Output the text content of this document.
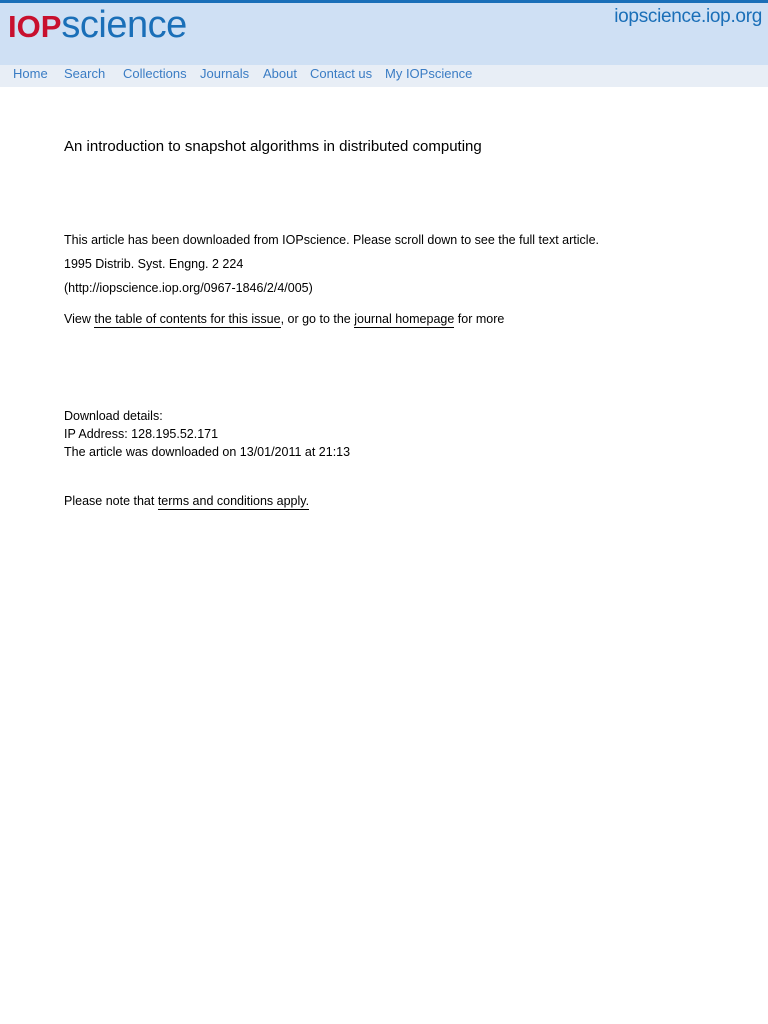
IOP science	iopscience.iop.org
Home Search Collections Journals About Contact us My IOPscience
An introduction to snapshot algorithms in distributed computing
This article has been downloaded from IOPscience. Please scroll down to see the full text article.
1995 Distrib. Syst. Engng. 2 224
(http://iopscience.iop.org/0967-1846/2/4/005)
View the table of contents for this issue, or go to the journal homepage for more
Download details:
IP Address: 128.195.52.171
The article was downloaded on 13/01/2011 at 21:13
Please note that terms and conditions apply.
